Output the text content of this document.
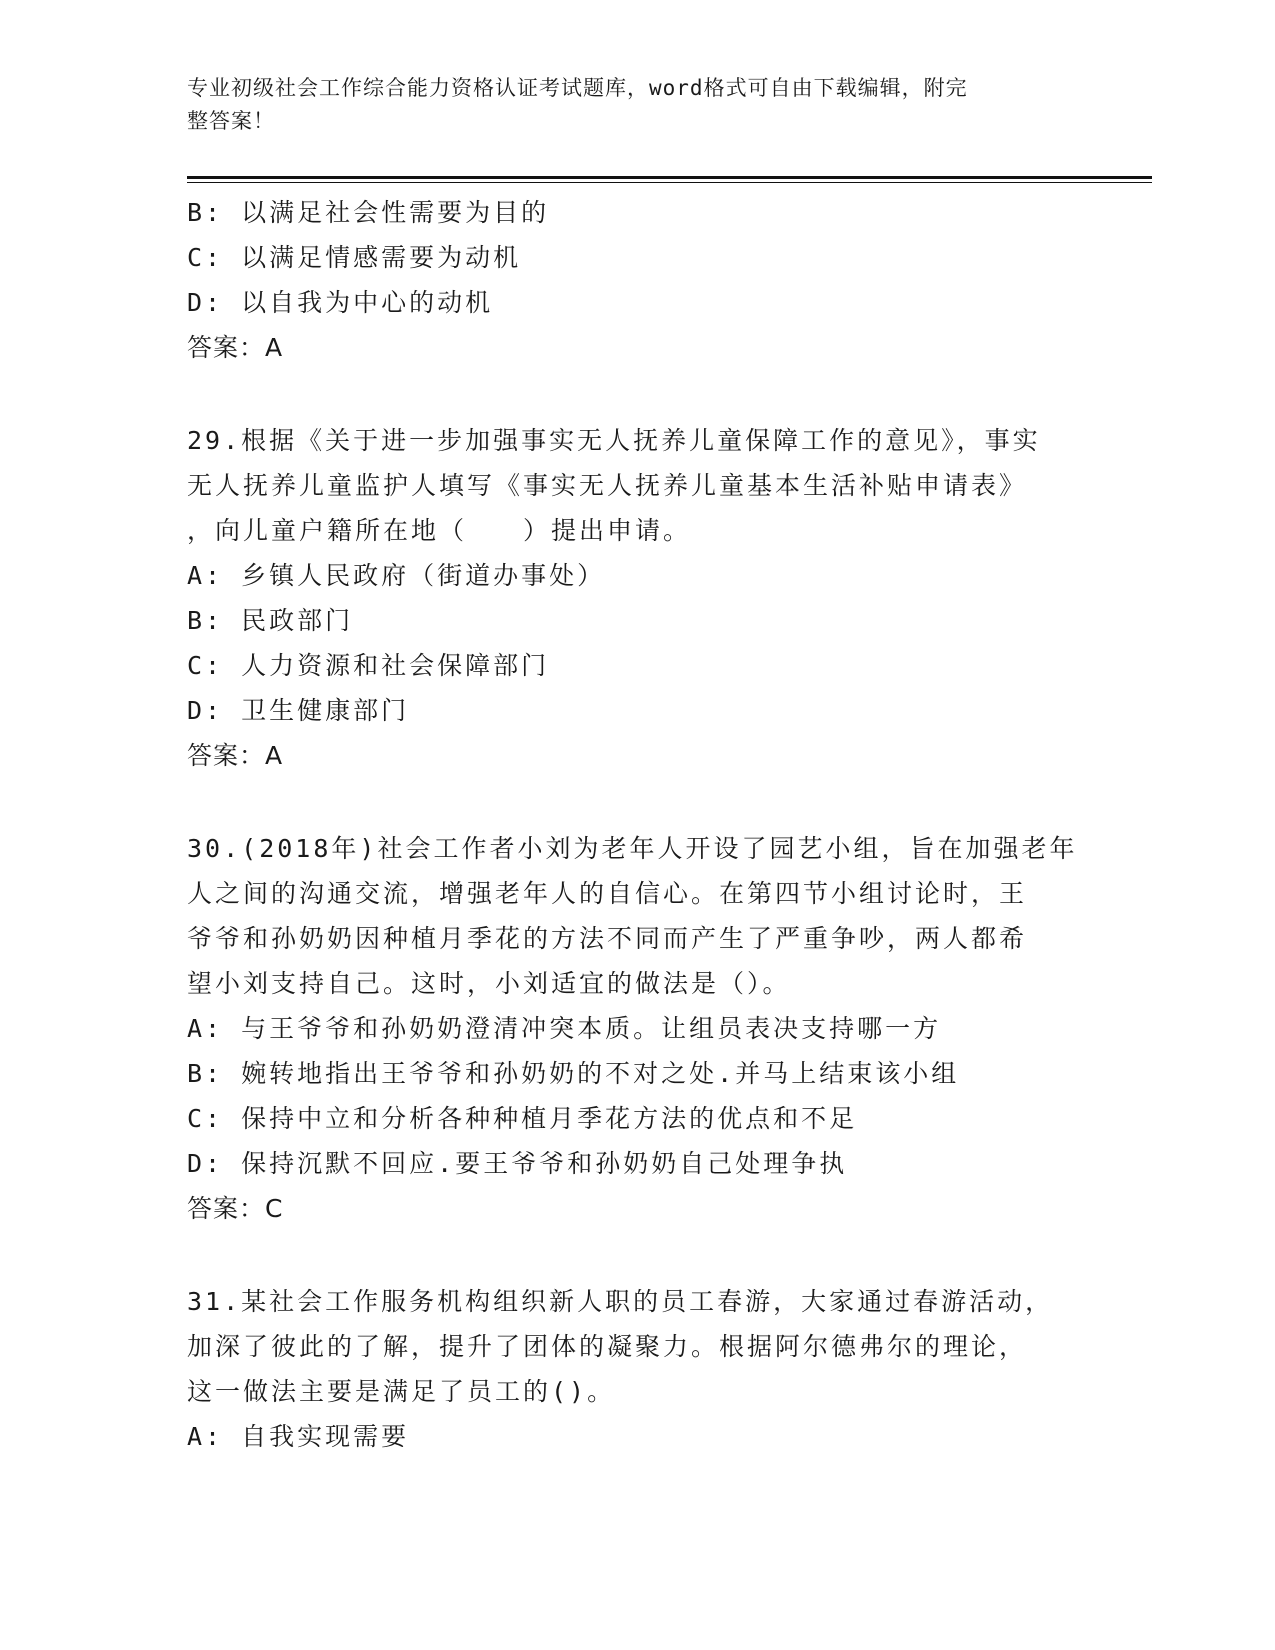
专业初级社会工作综合能力资格认证考试题库，word格式可自由下载编辑，附完
整答案！
B: 以满足社会性需要为目的
C: 以满足情感需要为动机
D: 以自我为中心的动机
答案：A
29.根据《关于进一步加强事实无人抚养儿童保障工作的意见》，事实
无人抚养儿童监护人填写《事实无人抚养儿童基本生活补贴申请表》
，向儿童户籍所在地（　　）提出申请。
A: 乡镇人民政府（街道办事处）
B: 民政部门
C: 人力资源和社会保障部门
D: 卫生健康部门
答案：A
30.(2018年)社会工作者小刘为老年人开设了园艺小组，旨在加强老年
人之间的沟通交流，增强老年人的自信心。在第四节小组讨论时，王
爷爷和孙奶奶因种植月季花的方法不同而产生了严重争吵，两人都希
望小刘支持自己。这时，小刘适宜的做法是（）。
A: 与王爷爷和孙奶奶澄清冲突本质。让组员表决支持哪一方
B: 婉转地指出王爷爷和孙奶奶的不对之处.并马上结束该小组
C: 保持中立和分析各种种植月季花方法的优点和不足
D: 保持沉默不回应.要王爷爷和孙奶奶自己处理争执
答案：C
31.某社会工作服务机构组织新人职的员工春游，大家通过春游活动，
加深了彼此的了解，提升了团体的凝聚力。根据阿尔德弗尔的理论，
这一做法主要是满足了员工的()。
A: 自我实现需要
